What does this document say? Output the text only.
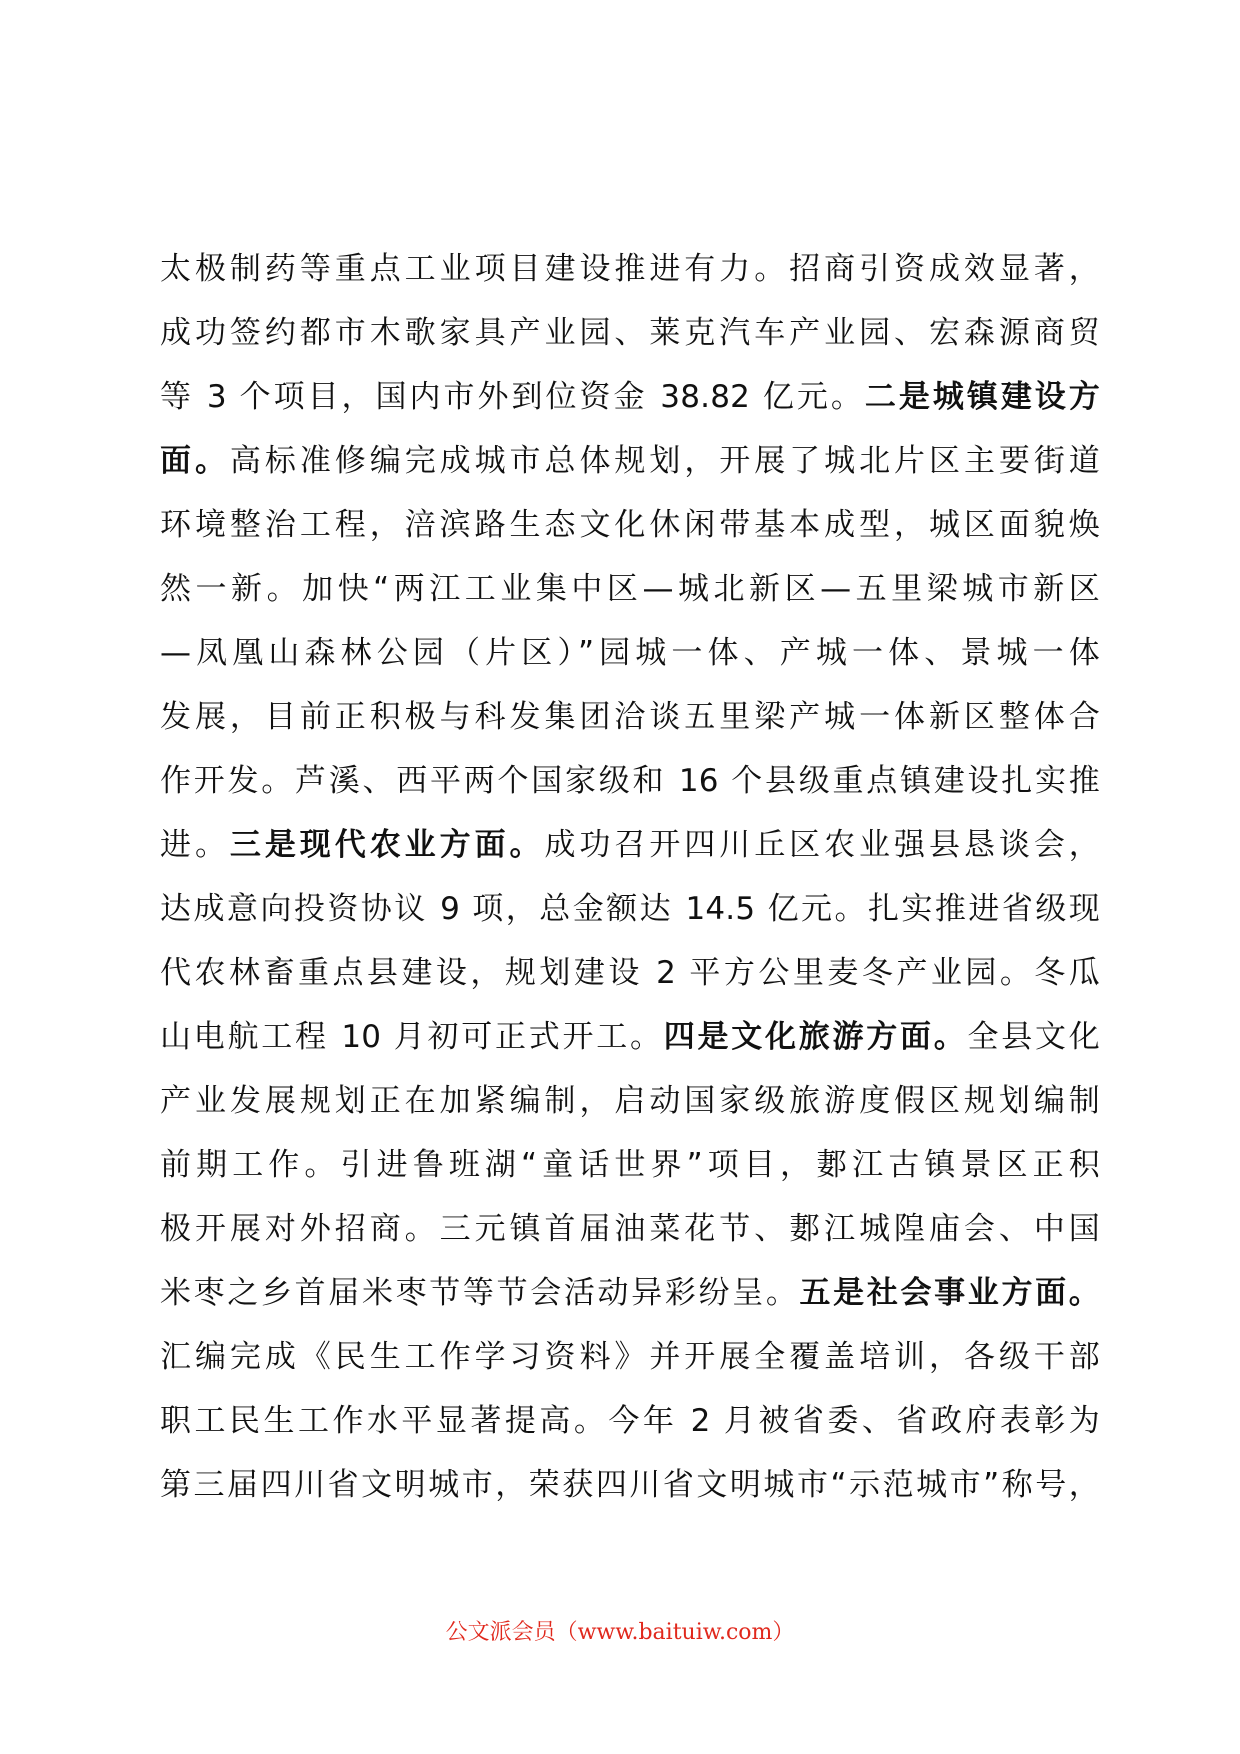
太极制药等重点工业项目建设推进有力。招商引资成效显著，
成功签约都市木歌家具产业园、莱克汽车产业园、宏森源商贸
等 3 个项目，国内市外到位资金 38.82 亿元。二是城镇建设方
面。高标准修编完成城市总体规划，开展了城北片区主要街道
环境整治工程，涪滨路生态文化休闲带基本成型，城区面貌焕
然一新。加快“两江工业集中区—城北新区—五里梁城市新区
—凤凰山森林公园（片区）”园城一体、产城一体、景城一体
发展，目前正积极与科发集团洽谈五里梁产城一体新区整体合
作开发。芦溪、西平两个国家级和 16 个县级重点镇建设扎实推
进。三是现代农业方面。成功召开四川丘区农业强县恳谈会，
达成意向投资协议 9 项，总金额达 14.5 亿元。扎实推进省级现
代农林畜重点县建设，规划建设 2 平方公里麦冬产业园。冬瓜
山电航工程 10 月初可正式开工。四是文化旅游方面。全县文化
产业发展规划正在加紧编制，启动国家级旅游度假区规划编制
前期工作。引进鲁班湖“童话世界”项目，郪江古镇景区正积
极开展对外招商。三元镇首届油菜花节、郪江城隍庙会、中国
米枣之乡首届米枣节等节会活动异彩纷呈。五是社会事业方面。
汇编完成《民生工作学习资料》并开展全覆盖培训，各级干部
职工民生工作水平显著提高。今年 2 月被省委、省政府表彰为
第三届四川省文明城市，荣获四川省文明城市“示范城市”称号，
公文派会员（www.baituiw.com）
